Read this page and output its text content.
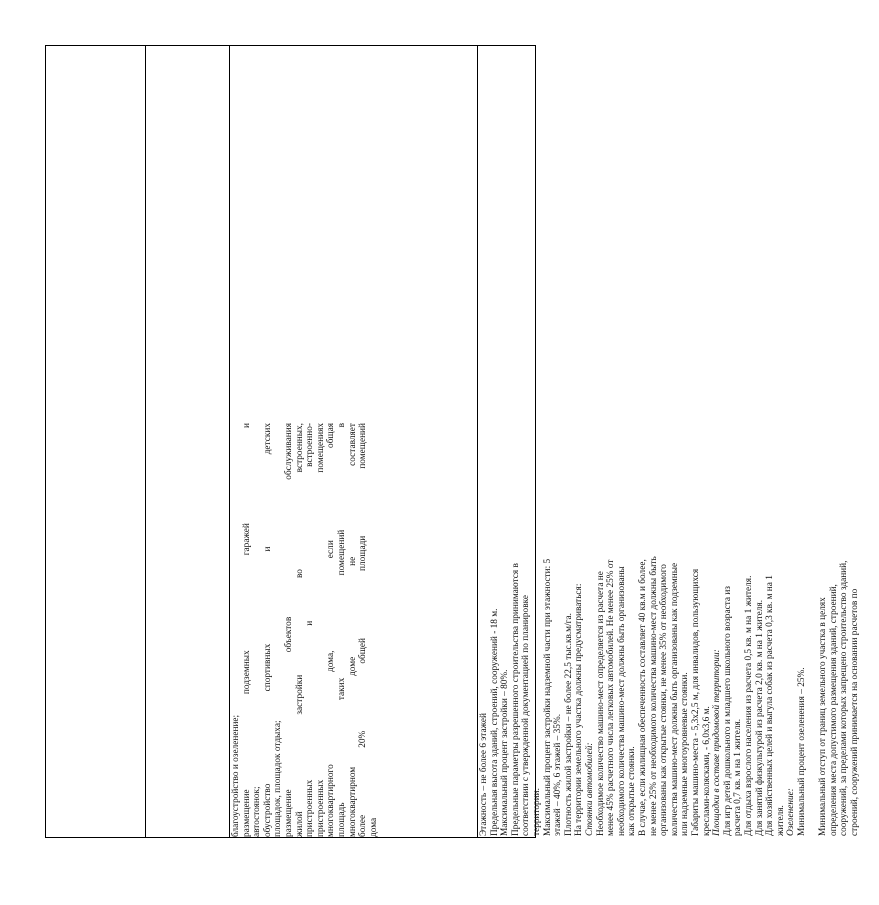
благоустройство и озеленение; размещение подземных гаражей и автостоянок; обустройство спортивных и детских площадок, площадок отдыха; размещение объектов обслуживания жилой застройки во встроенных, пристроенных и встроенно- пристроенных помещениях многоквартирного дома, если общая площадь таких помещений в многоквартирном доме не составляет более 20% общей площади помещений дома	Этажность – не более 6 этажей Предельная высота зданий, строений, сооружений - 18 м. Максимальный процент застройки – 80%. Предельные параметры разрешенного строительства принимаются в соответствии с утвержденной документацией по планировке территории. Максимальный процент застройки надземной части при этажности: 5 этажей – 40%, 6 этажей – 35%. Плотность жилой застройки – не более 22,5 тыс.кв.м/га. На территории земельного участка должны предусматриваться: Стоянки автомобилей: Необходимое количество машино-мест определяется из расчета не менее 45% расчетного числа легковых автомобилей. Не менее 25% от необходимого количества машино-мест должны быть организованы как открытые стоянки. В случае, если жилищная обеспеченность составляет 40 кв.м и более, не менее 25% от необходимого количества машино-мест должны быть организованы как открытые стоянки, не менее 35% от необходимого количества машино-мест должны быть организованы как подземные или надземные многоуровневые стоянки. Габариты машино-места - 5,3х2,5 м, для инвалидов, пользующихся креслами-колясками, - 6,0х3,6 м. Площадки в составе придомовой территории: Для игр детей дошкольного и младшего школьного возраста из расчета 0,7 кв. м на 1 жителя. Для отдыха взрослого населения из расчета 0,5 кв. м на 1 жителя. Для занятий физкультурой из расчета 2,0 кв. м на 1 жителя. Для хозяйственных целей и выгула собак из расчета 0,3 кв. м на 1 жителя. Озеленение: Минимальный процент озеленения – 25%. Минимальный отступ от границ земельного участка в целях определения места допустимого размещения зданий, строений, сооружений, за пределами которых запрещено строительство зданий, строений, сооружений принимается на основании расчетов по
